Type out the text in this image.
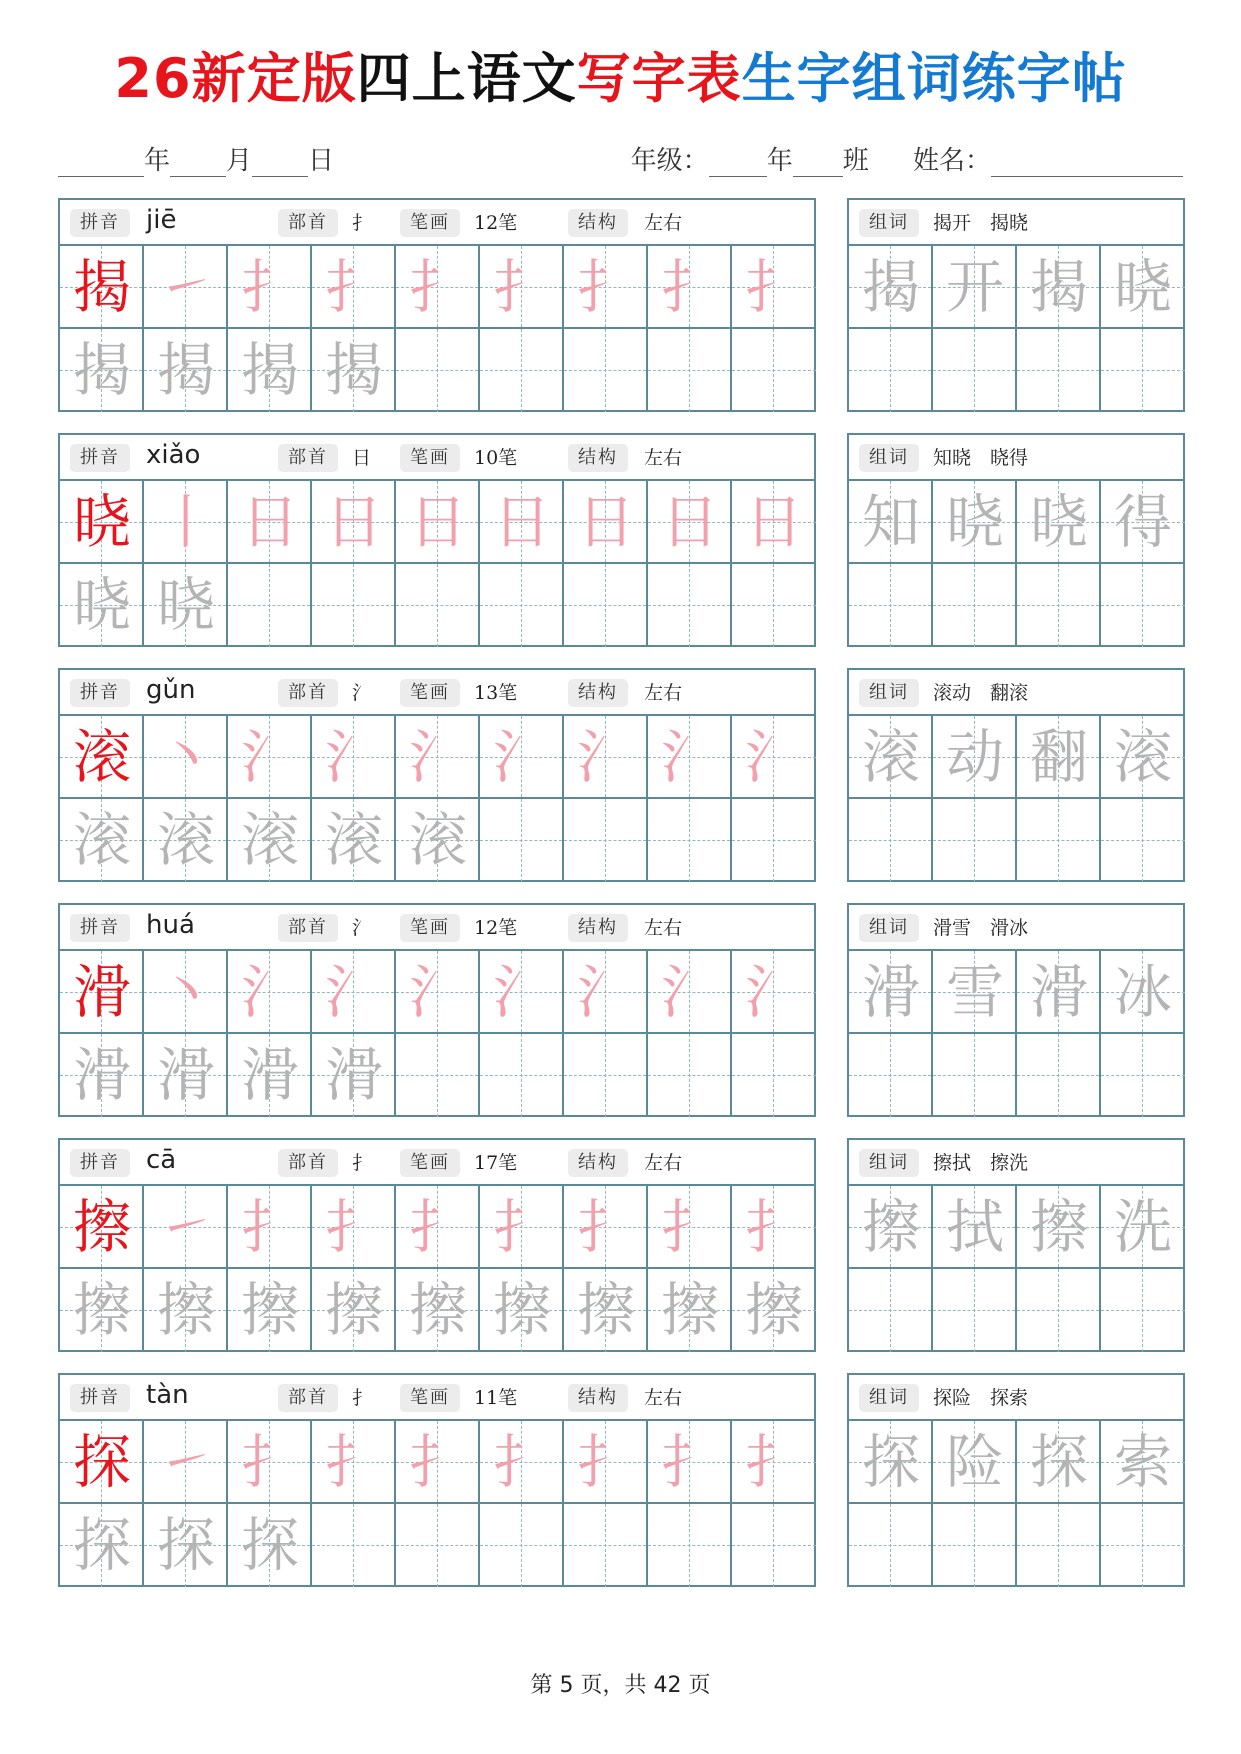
26新定版四上语文写字表生字组词练字帖
年 月 日	年级： 年 班 姓名：
拼音	jiē	部首	扌	笔画	12笔	结构	左右
揭 ㇀ 扌 扌 扌 扌 扌 扌 扌
揭 揭 揭 揭
组词	揭开　揭晓
揭 开 揭 晓
拼音	xiǎo	部首	日	笔画	10笔	结构	左右
晓 丨 日 日 日 日 日 日 日
晓 晓
组词	知晓　晓得
知 晓 晓 得
拼音	gǔn	部首	氵	笔画	13笔	结构	左右
滚 丶 氵 氵 氵 氵 氵 氵 氵
滚 滚 滚 滚 滚
组词	滚动　翻滚
滚 动 翻 滚
拼音	huá	部首	氵	笔画	12笔	结构	左右
滑 丶 氵 氵 氵 氵 氵 氵 氵
滑 滑 滑 滑
组词	滑雪　滑冰
滑 雪 滑 冰
拼音	cā	部首	扌	笔画	17笔	结构	左右
擦 ㇀ 扌 扌 扌 扌 扌 扌 扌
擦 擦 擦 擦 擦 擦 擦 擦 擦
组词	擦拭　擦洗
擦 拭 擦 洗
拼音	tàn	部首	扌	笔画	11笔	结构	左右
探 ㇀ 扌 扌 扌 扌 扌 扌 扌
探 探 探
组词	探险　探索
探 险 探 索
第 5 页，共 42 页
